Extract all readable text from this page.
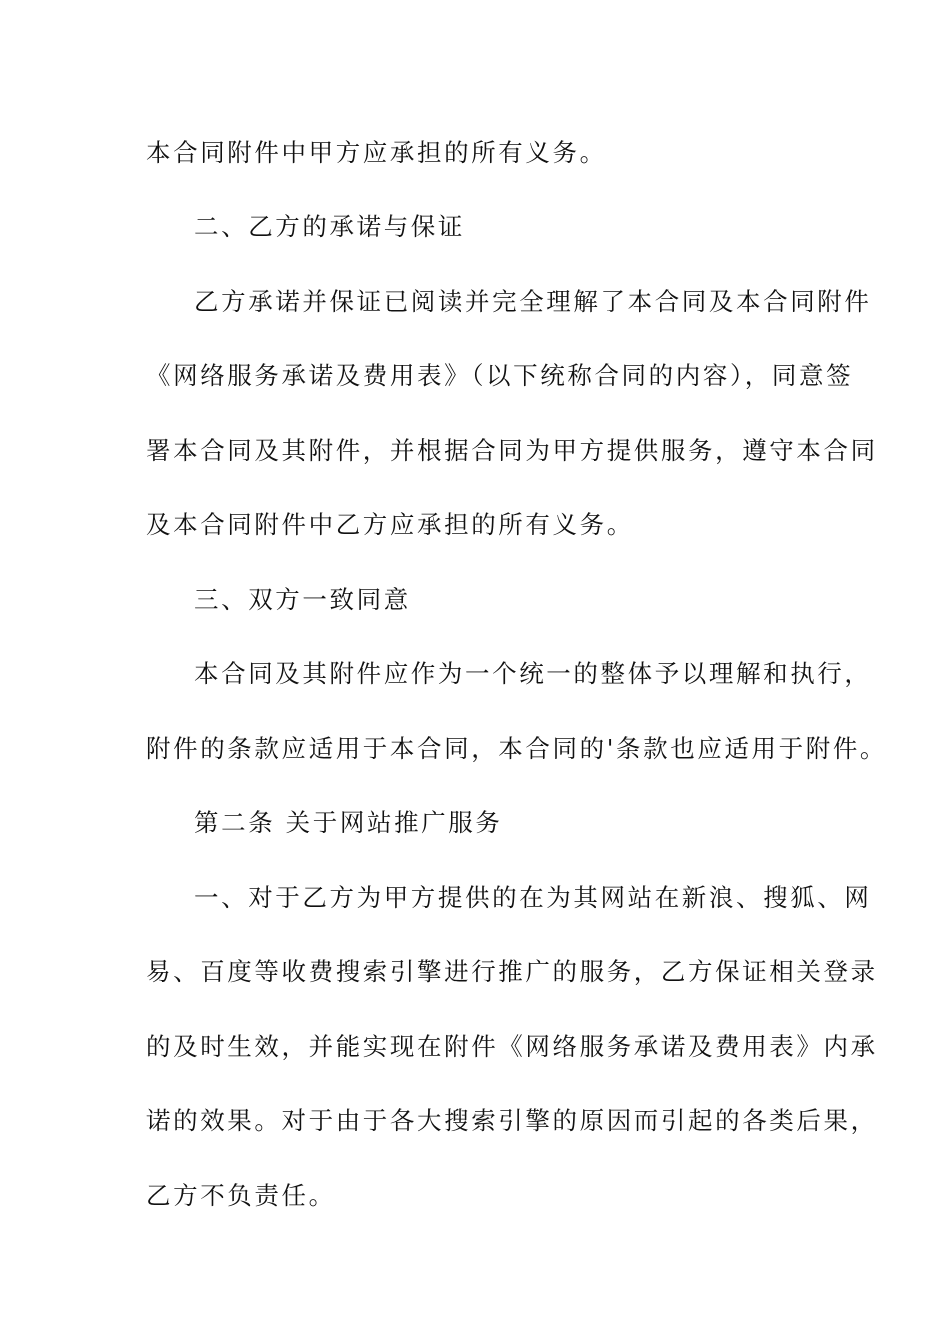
本合同附件中甲方应承担的所有义务。
二、乙方的承诺与保证
乙方承诺并保证已阅读并完全理解了本合同及本合同附件
《网络服务承诺及费用表》（以下统称合同的内容），同意签
署本合同及其附件，并根据合同为甲方提供服务，遵守本合同
及本合同附件中乙方应承担的所有义务。
三、双方一致同意
本合同及其附件应作为一个统一的整体予以理解和执行，
附件的条款应适用于本合同，本合同的'条款也应适用于附件。
第二条 关于网站推广服务
一、对于乙方为甲方提供的在为其网站在新浪、搜狐、网
易、百度等收费搜索引擎进行推广的服务，乙方保证相关登录
的及时生效，并能实现在附件《网络服务承诺及费用表》内承
诺的效果。对于由于各大搜索引擎的原因而引起的各类后果，
乙方不负责任。
